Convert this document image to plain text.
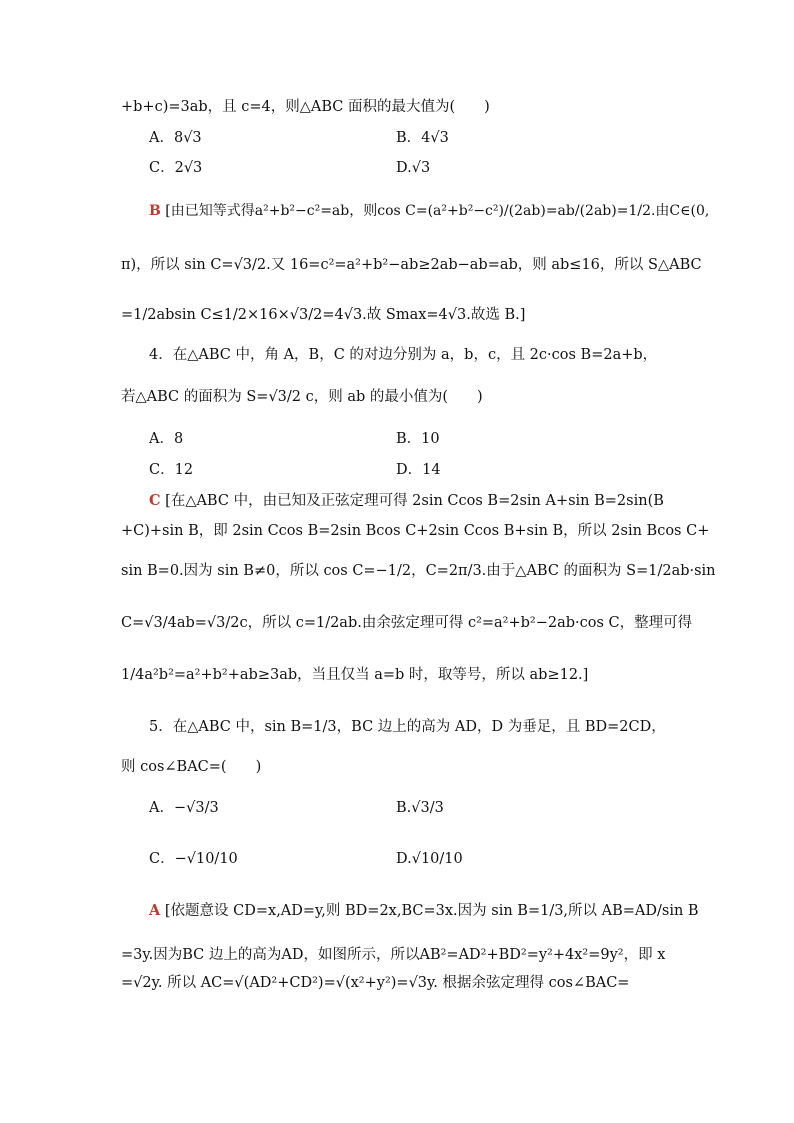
+b+c)=3ab，且 c=4，则△ABC 面积的最大值为(　　)
A．8√3	B．4√3
C．2√3	D.√3
B [由已知等式得a²+b²−c²=ab，则cos C=(a²+b²−c²)/(2ab)=ab/(2ab)=1/2.由C∈(0,
π)，所以 sin C=√3/2.又 16=c²=a²+b²−ab≥2ab−ab=ab，则 ab≤16，所以 S△ABC
=1/2absin C≤1/2×16×√3/2=4√3.故 Smax=4√3.故选 B.]
4．在△ABC 中，角 A，B，C 的对边分别为 a，b，c，且 2c·cos B=2a+b，
若△ABC 的面积为 S=√3/2 c，则 ab 的最小值为(　　)
A．8	B．10
C．12	D．14
C [在△ABC 中，由已知及正弦定理可得 2sin Ccos B=2sin A+sin B=2sin(B
+C)+sin B，即 2sin Ccos B=2sin Bcos C+2sin Ccos B+sin B，所以 2sin Bcos C+
sin B=0.因为 sin B≠0，所以 cos C=−1/2，C=2π/3.由于△ABC 的面积为 S=1/2ab·sin
C=√3/4ab=√3/2c，所以 c=1/2ab.由余弦定理可得 c²=a²+b²−2ab·cos C，整理可得
1/4a²b²=a²+b²+ab≥3ab，当且仅当 a=b 时，取等号，所以 ab≥12.]
5．在△ABC 中，sin B=1/3，BC 边上的高为 AD，D 为垂足，且 BD=2CD，
则 cos∠BAC=(　　)
A．−√3/3	B.√3/3
C．−√10/10	D.√10/10
A [依题意设 CD=x,AD=y,则 BD=2x,BC=3x.因为 sin B=1/3,所以 AB=AD/sin B
=3y.因为BC 边上的高为AD，如图所示，所以AB²=AD²+BD²=y²+4x²=9y²，即 x
=√2y. 所以 AC=√(AD²+CD²)=√(x²+y²)=√3y. 根据余弦定理得 cos∠BAC=
